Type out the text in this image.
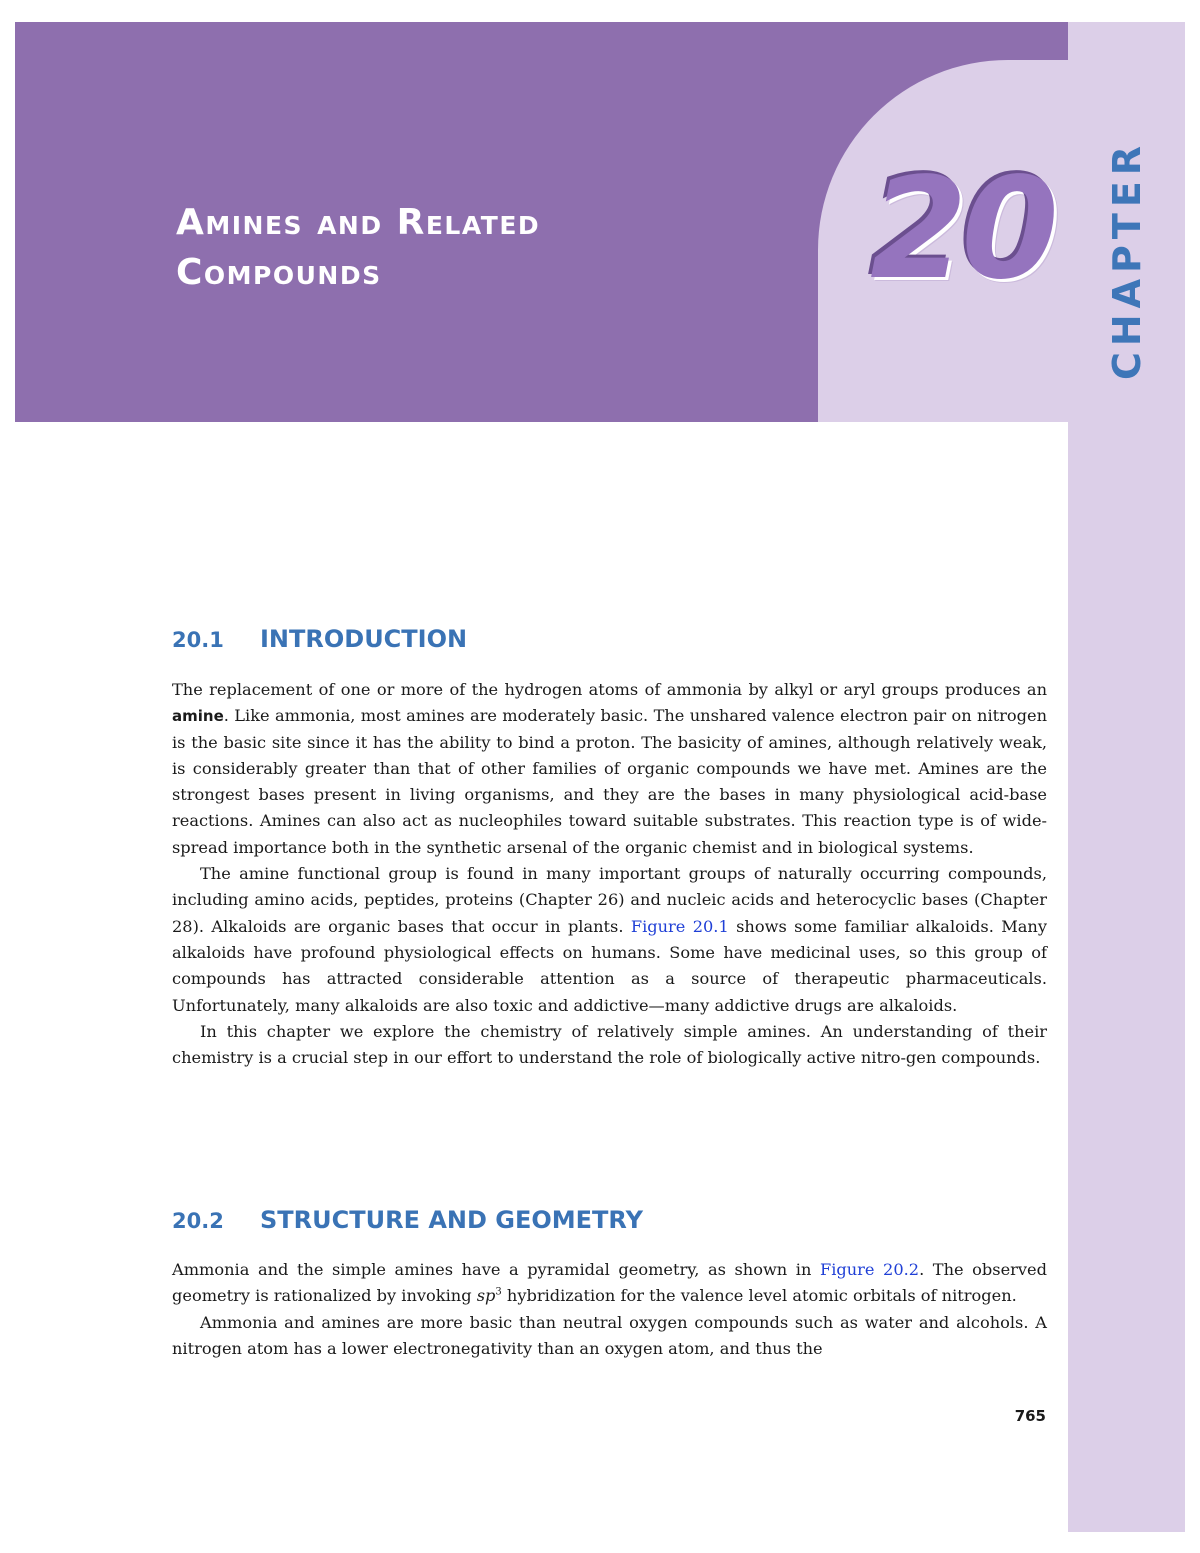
Amines and Related
Compounds	20 CHAPTER
20.1 INTRODUCTION

The replacement of one or more of the hydrogen atoms of ammonia by alkyl or aryl groups produces an amine. Like ammonia, most amines are moderately basic. The unshared valence electron pair on nitrogen is the basic site since it has the ability to bind a proton. The basicity of amines, although relatively weak, is considerably greater than that of other families of organic compounds we have met. Amines are the strongest bases present in living organisms, and they are the bases in many physiological acid-base reactions. Amines can also act as nucleophiles toward suitable substrates. This reaction type is of wide-spread importance both in the synthetic arsenal of the organic chemist and in biological systems.

The amine functional group is found in many important groups of naturally occurring compounds, including amino acids, peptides, proteins (Chapter 26) and nucleic acids and heterocyclic bases (Chapter 28). Alkaloids are organic bases that occur in plants. Figure 20.1 shows some familiar alkaloids. Many alkaloids have profound physiological effects on humans. Some have medicinal uses, so this group of compounds has attracted considerable attention as a source of therapeutic pharmaceuticals. Unfortunately, many alkaloids are also toxic and addictive—many addictive drugs are alkaloids.

In this chapter we explore the chemistry of relatively simple amines. An understanding of their chemistry is a crucial step in our effort to understand the role of biologically active nitro-gen compounds.

20.2 STRUCTURE AND GEOMETRY

Ammonia and the simple amines have a pyramidal geometry, as shown in Figure 20.2. The observed geometry is rationalized by invoking $sp^3$ hybridization for the valence level atomic orbitals of nitrogen.

Ammonia and amines are more basic than neutral oxygen compounds such as water and alcohols. A nitrogen atom has a lower electronegativity than an oxygen atom, and thus the

765
